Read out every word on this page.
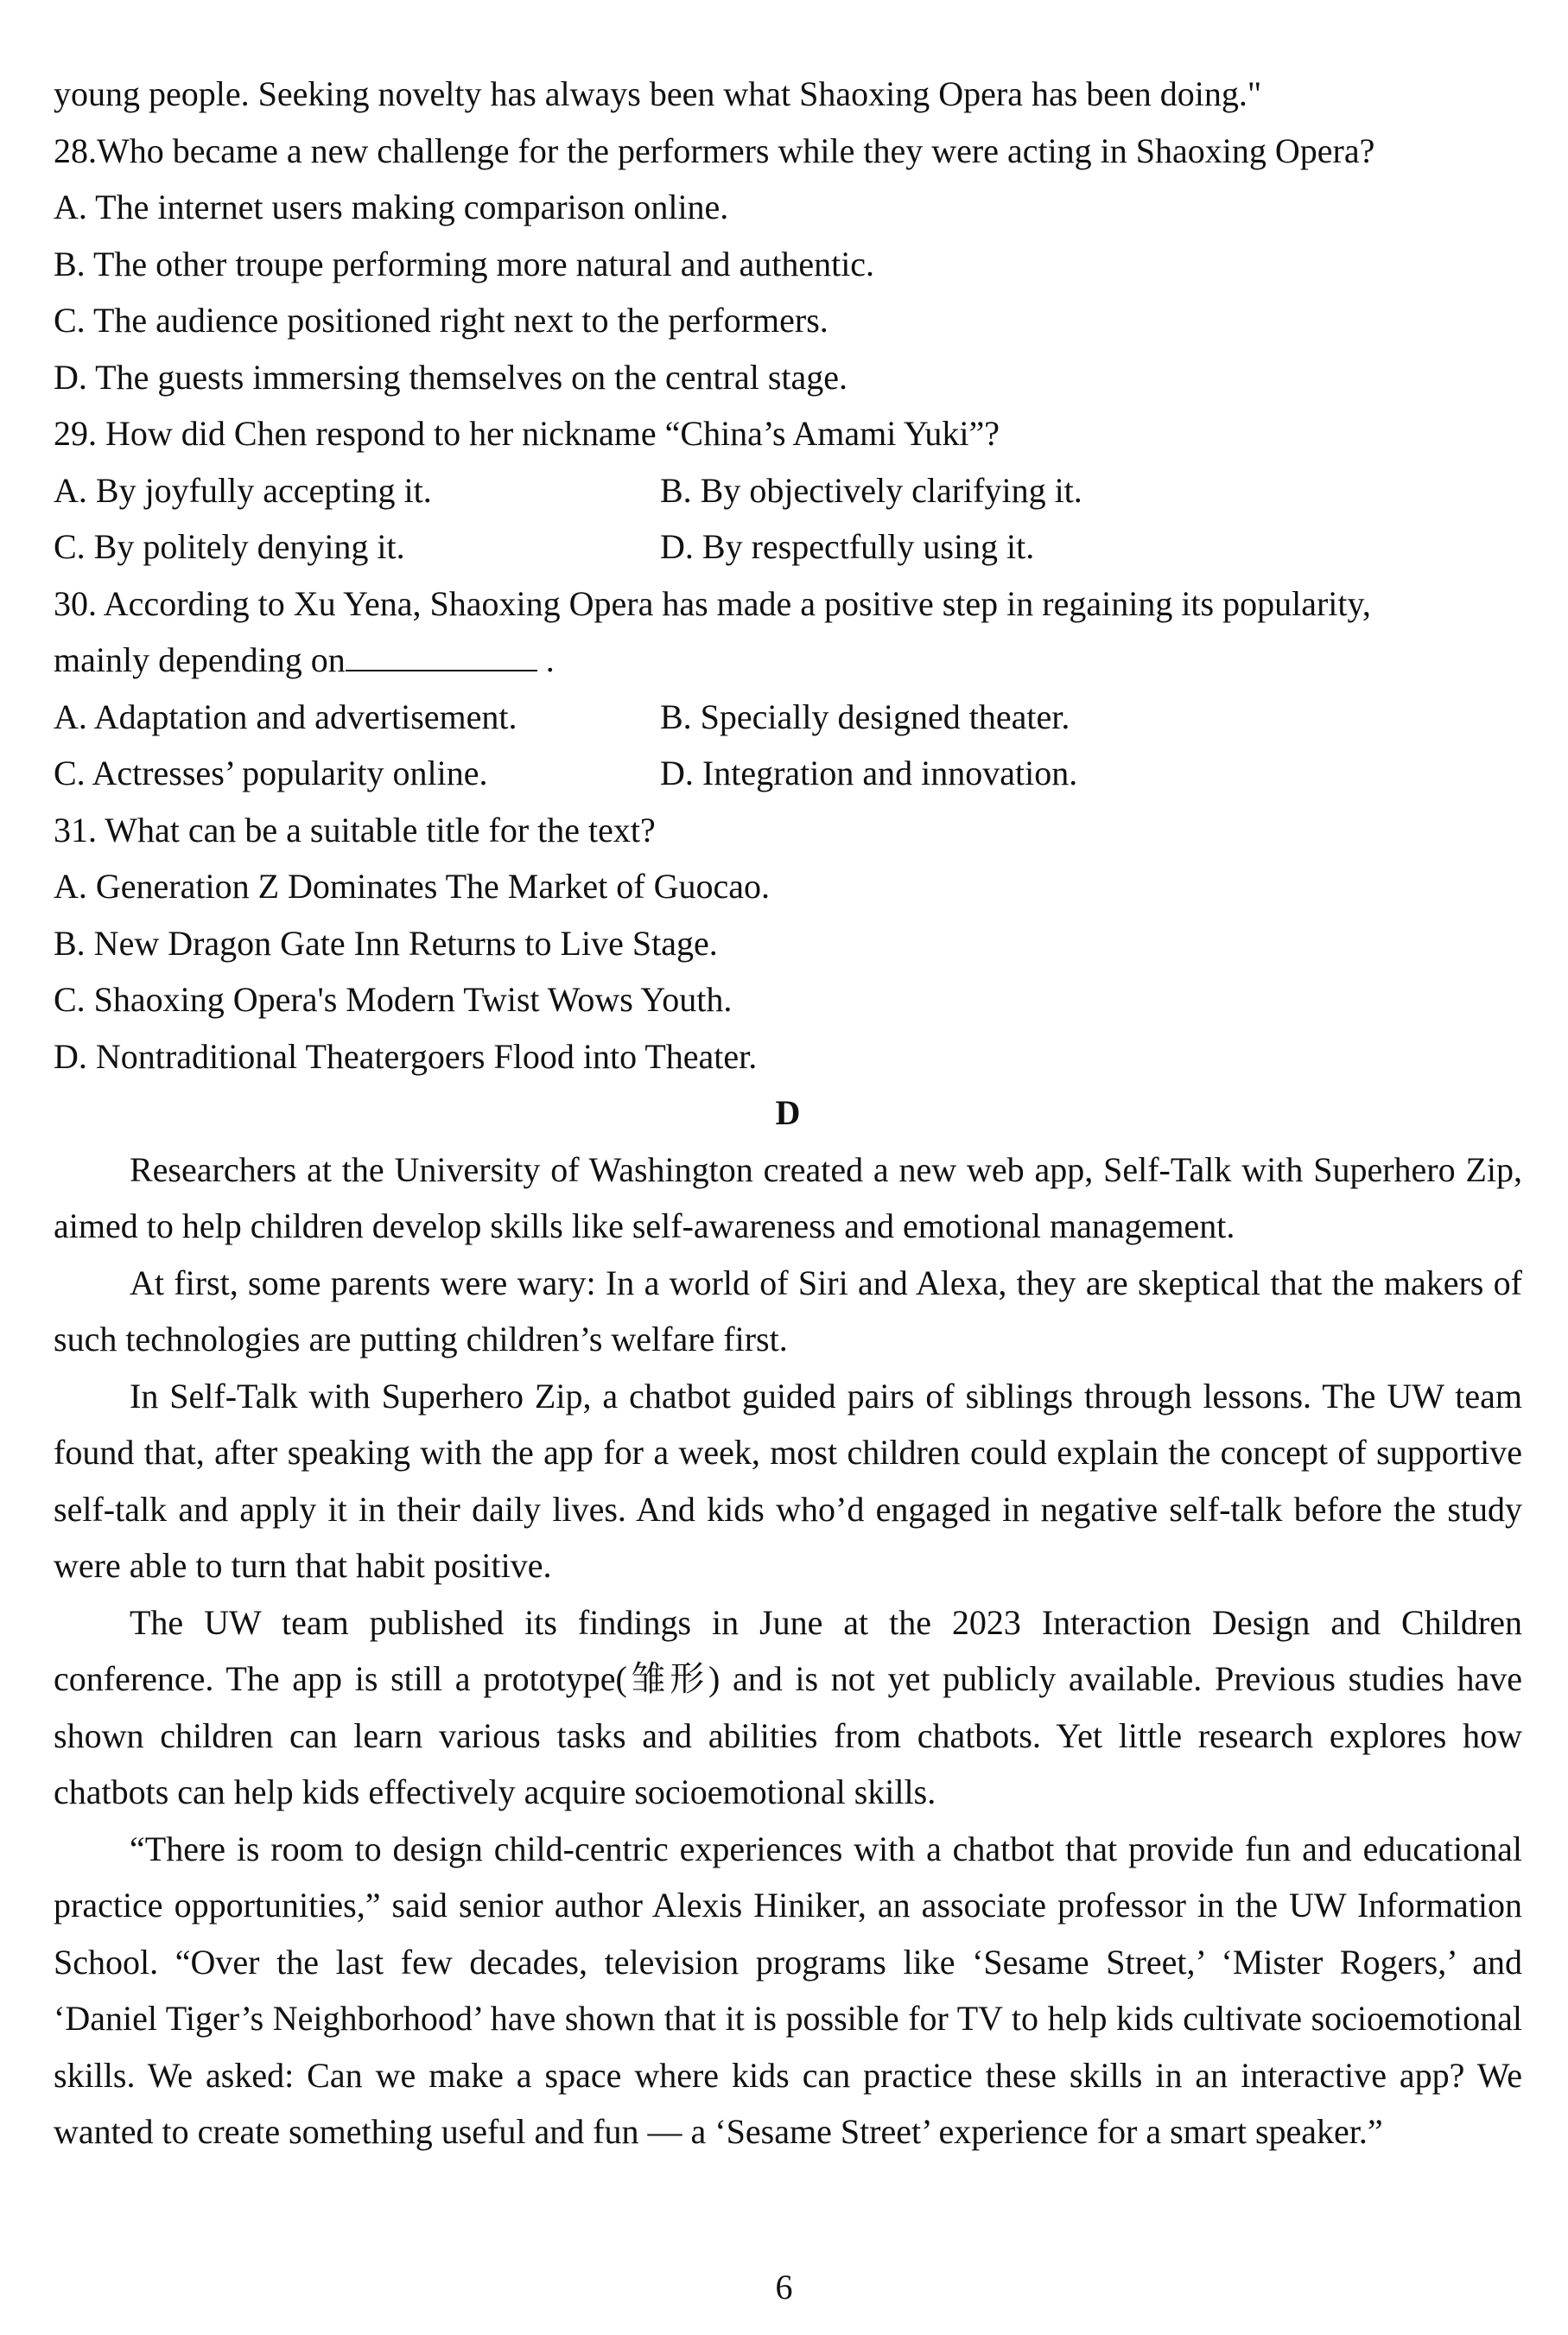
young people. Seeking novelty has always been what Shaoxing Opera has been doing."
28.Who became a new challenge for the performers while they were acting in Shaoxing Opera?
A. The internet users making comparison online.
B. The other troupe performing more natural and authentic.
C. The audience positioned right next to the performers.
D. The guests immersing themselves on the central stage.
29. How did Chen respond to her nickname “China’s Amami Yuki”?
A. By joyfully accepting it.	B. By objectively clarifying it.
C. By politely denying it.	D. By respectfully using it.
30. According to Xu Yena, Shaoxing Opera has made a positive step in regaining its popularity,
mainly depending on	.
A. Adaptation and advertisement.	B. Specially designed theater.
C. Actresses’ popularity online.	D. Integration and innovation.
31. What can be a suitable title for the text?
A. Generation Z Dominates The Market of Guocao.
B. New Dragon Gate Inn Returns to Live Stage.
C. Shaoxing Opera's Modern Twist Wows Youth.
D. Nontraditional Theatergoers Flood into Theater.
D

Researchers at the University of Washington created a new web app, Self-Talk with Superhero Zip, aimed to help children develop skills like self-awareness and emotional management.

At first, some parents were wary: In a world of Siri and Alexa, they are skeptical that the makers of such technologies are putting children’s welfare first.

In Self-Talk with Superhero Zip, a chatbot guided pairs of siblings through lessons. The UW team found that, after speaking with the app for a week, most children could explain the concept of supportive self-talk and apply it in their daily lives. And kids who’d engaged in negative self-talk before the study were able to turn that habit positive.

The UW team published its findings in June at the 2023 Interaction Design and Children conference. The app is still a prototype(雏形) and is not yet publicly available. Previous studies have shown children can learn various tasks and abilities from chatbots. Yet little research explores how chatbots can help kids effectively acquire socioemotional skills.

“There is room to design child-centric experiences with a chatbot that provide fun and educational practice opportunities,” said senior author Alexis Hiniker, an associate professor in the UW Information School. “Over the last few decades, television programs like ‘Sesame Street,’ ‘Mister Rogers,’ and ‘Daniel Tiger’s Neighborhood’ have shown that it is possible for TV to help kids cultivate socioemotional skills. We asked: Can we make a space where kids can practice these skills in an interactive app? We wanted to create something useful and fun — a ‘Sesame Street’ experience for a smart speaker.”

6
